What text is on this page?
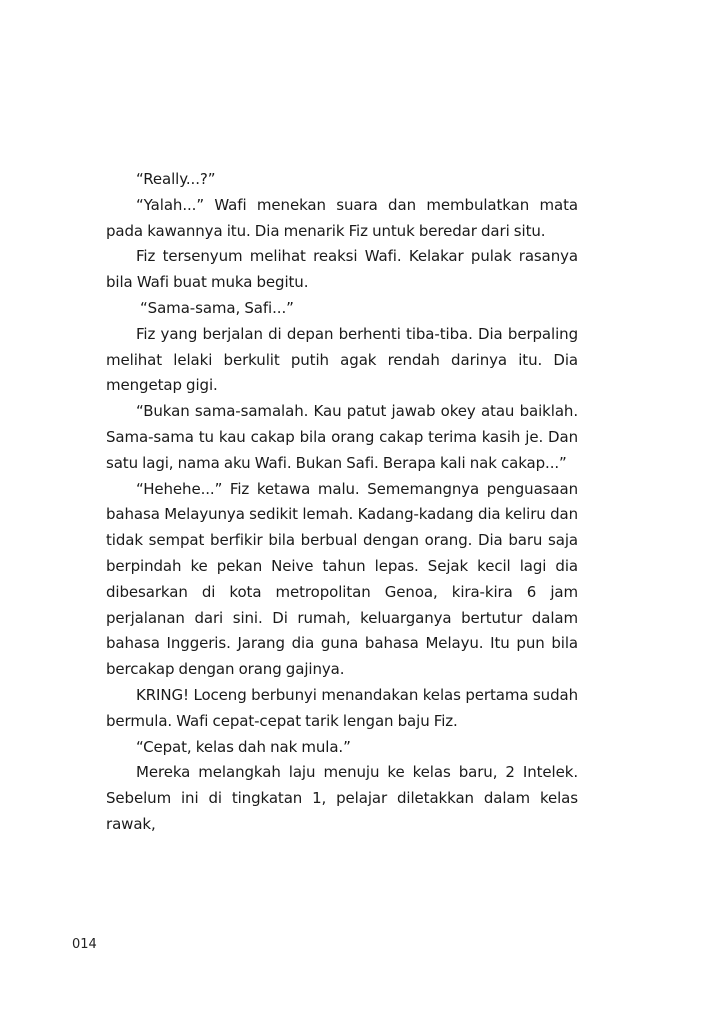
“Really...?”

“Yalah...” Wafi menekan suara dan membulatkan mata pada kawannya itu. Dia menarik Fiz untuk beredar dari situ.

Fiz tersenyum melihat reaksi Wafi. Kelakar pulak rasanya bila Wafi buat muka begitu.

“Sama-sama, Safi...”

Fiz yang berjalan di depan berhenti tiba-tiba. Dia berpaling melihat lelaki berkulit putih agak rendah darinya itu. Dia mengetap gigi.

“Bukan sama-samalah. Kau patut jawab okey atau baiklah. Sama-sama tu kau cakap bila orang cakap terima kasih je. Dan satu lagi, nama aku Wafi. Bukan Safi. Berapa kali nak cakap...”

“Hehehe...” Fiz ketawa malu. Sememangnya penguasaan bahasa Melayunya sedikit lemah. Kadang-kadang dia keliru dan tidak sempat berfikir bila berbual dengan orang. Dia baru saja berpindah ke pekan Neive tahun lepas. Sejak kecil lagi dia dibesarkan di kota metropolitan Genoa, kira-kira 6 jam perjalanan dari sini. Di rumah, keluarganya bertutur dalam bahasa Inggeris. Jarang dia guna bahasa Melayu. Itu pun bila bercakap dengan orang gajinya.

KRING! Loceng berbunyi menandakan kelas pertama sudah bermula. Wafi cepat-cepat tarik lengan baju Fiz.

“Cepat, kelas dah nak mula.”

Mereka melangkah laju menuju ke kelas baru, 2 Intelek. Sebelum ini di tingkatan 1, pelajar diletakkan dalam kelas rawak,

014
